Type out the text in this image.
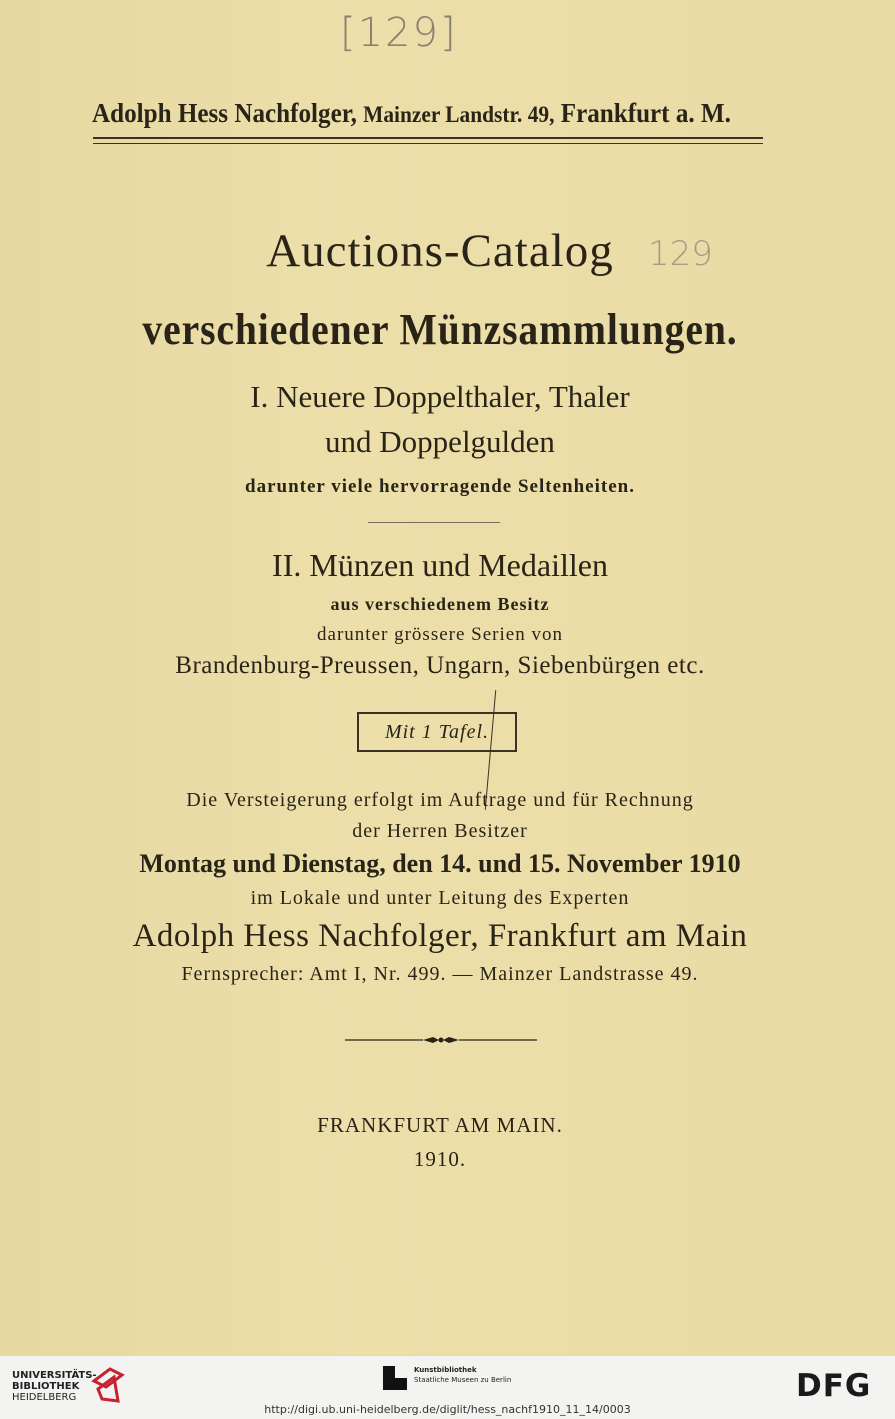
[129]
129
Adolph Hess Nachfolger, Mainzer Landstr. 49, Frankfurt a. M.
Auctions-Catalog
verschiedener Münzsammlungen.
I. Neuere Doppelthaler, Thaler
und Doppelgulden
darunter viele hervorragende Seltenheiten.
II. Münzen und Medaillen
aus verschiedenem Besitz
darunter grössere Serien von
Brandenburg-Preussen, Ungarn, Siebenbürgen etc.
Mit 1 Tafel.
Die Versteigerung erfolgt im Auftrage und für Rechnung
der Herren Besitzer
Montag und Dienstag, den 14. und 15. November 1910
im Lokale und unter Leitung des Experten
Adolph Hess Nachfolger, Frankfurt am Main
Fernsprecher: Amt I, Nr. 499. — Mainzer Landstrasse 49.
FRANKFURT AM MAIN.
1910.
UNIVERSITÄTS-
BIBLIOTHEK
HEIDELBERG
Kunstbibliothek
Staatliche Museen zu Berlin	DFG
http://digi.ub.uni-heidelberg.de/diglit/hess_nachf1910_11_14/0003
